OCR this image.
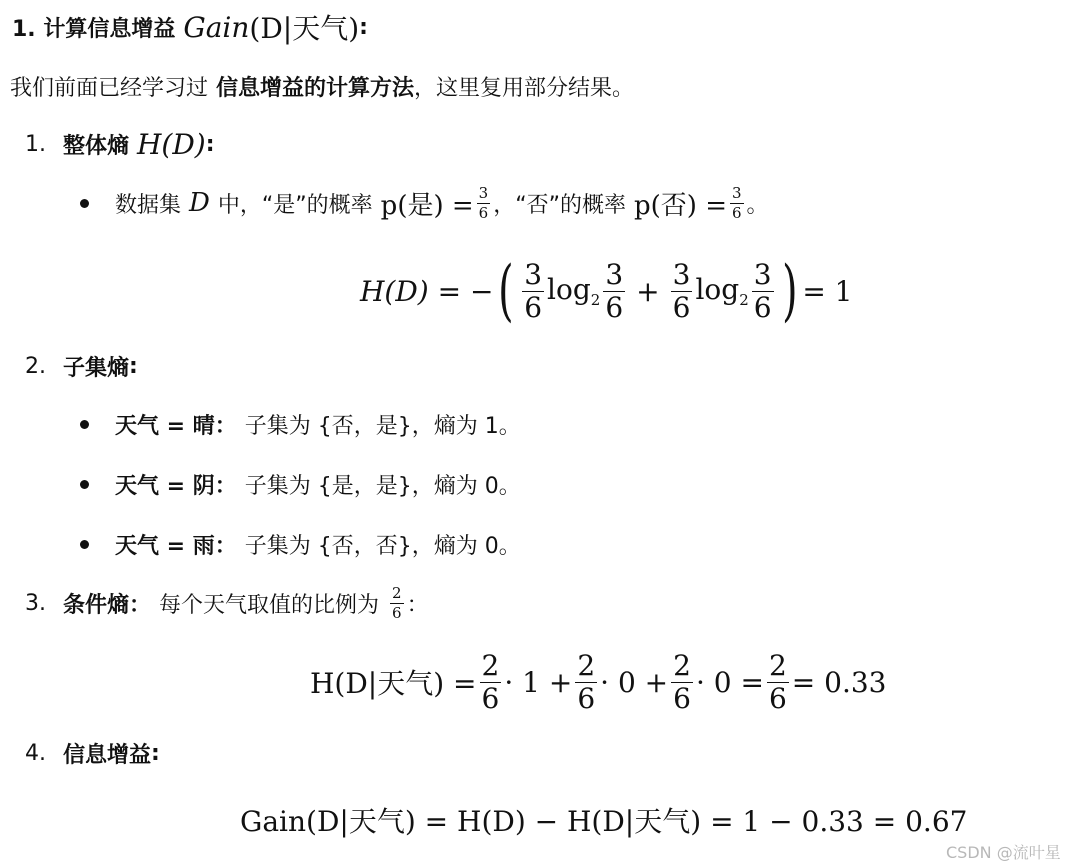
1. 计算信息增益 Gain (D|天气) :
我们前面已经学习过 信息增益的计算方法 ，这里复用部分结果。
1. 整体熵 H(D) :
数据集 D 中，“是”的概率 p(是) = $\frac{3}{6}$ ，“否”的概率 p(否) = $\frac{3}{6}$ 。
H(D) = − ( $\frac{3}{6} \log_2 \frac{3}{6} + \frac{3}{6} \log_2 \frac{3}{6}$ ) = 1
2. 子集熵 :
天气 = 晴： 子集为 {否，是}，熵为 1。
天气 = 阴： 子集为 {是，是}，熵为 0。
天气 = 雨： 子集为 {否，否}，熵为 0。
3. 条件熵： 每个天气取值的比例为 $\frac{2}{6}$ ：
H(D|天气) = $\frac{2}{6} \cdot 1 + \frac{2}{6} \cdot 0 + \frac{2}{6} \cdot 0 = \frac{2}{6} = 0.33$
4. 信息增益 :
Gain(D|天气) = H(D) − H(D|天气) = 1 − 0.33 = 0.67
CSDN @流叶星
